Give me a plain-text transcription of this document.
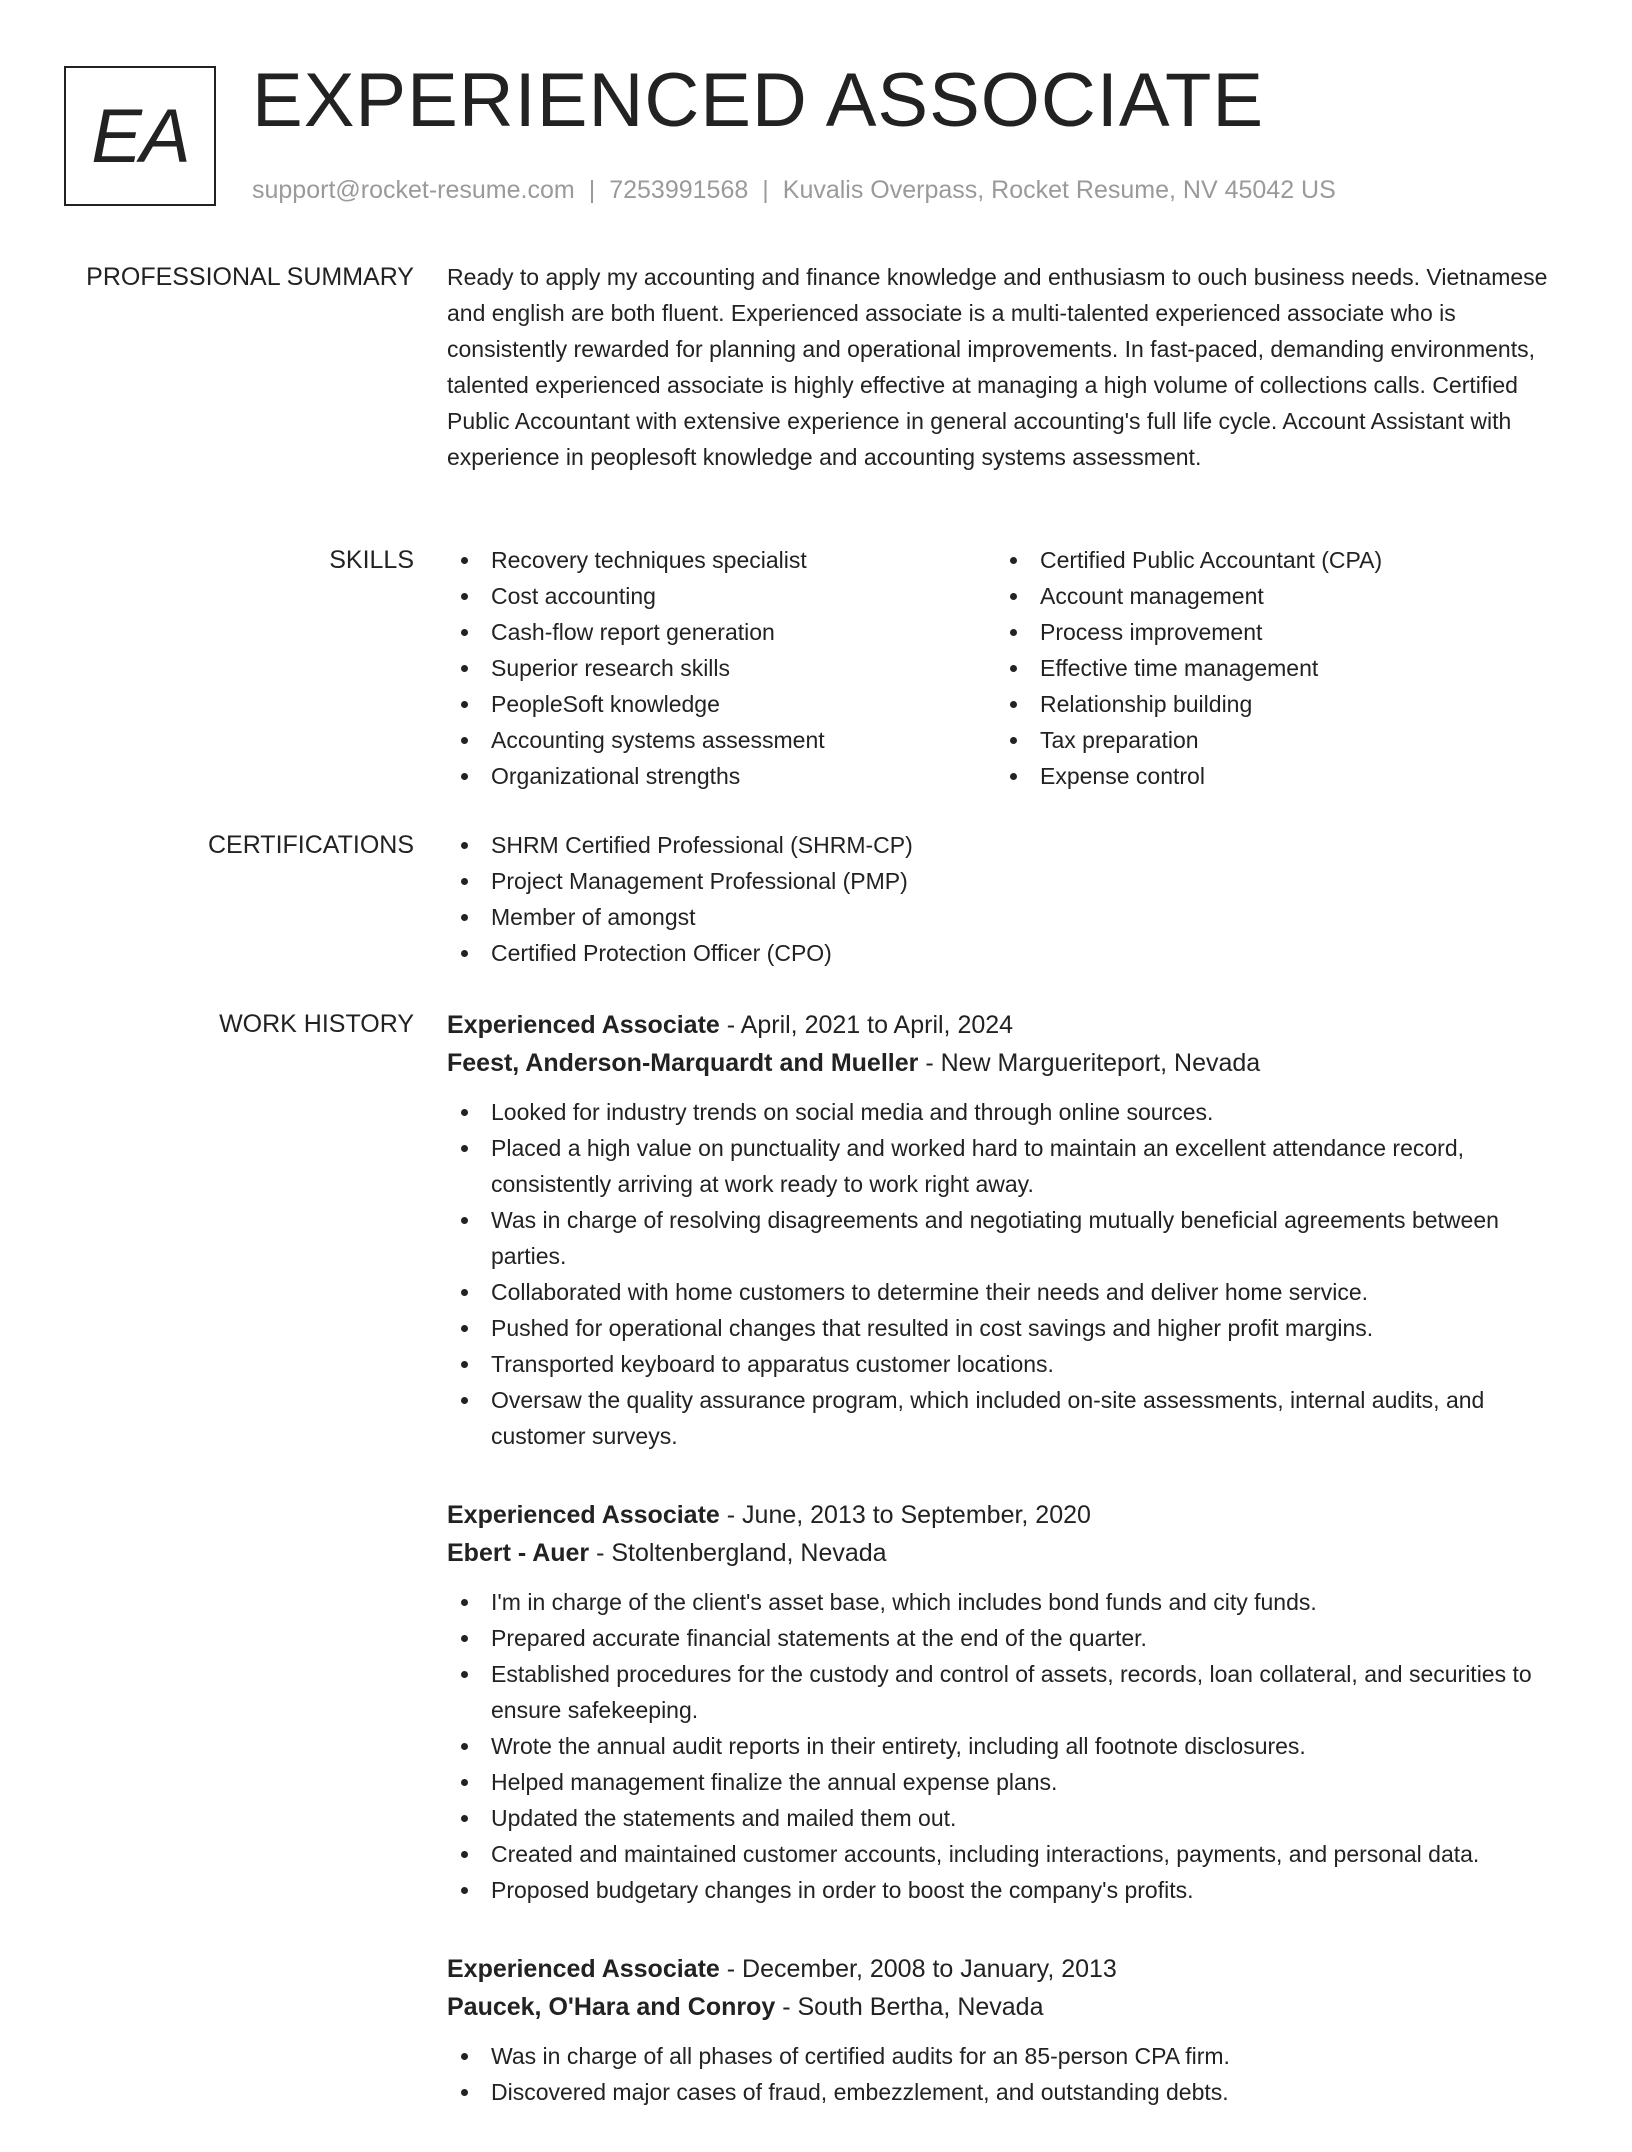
EA EXPERIENCED ASSOCIATE
support@rocket-resume.com | 7253991568 | Kuvalis Overpass, Rocket Resume, NV 45042 US
PROFESSIONAL SUMMARY Ready to apply my accounting and finance knowledge and enthusiasm to ouch business needs. Vietnamese and english are both fluent. Experienced associate is a multi-talented experienced associate who is consistently rewarded for planning and operational improvements. In fast-paced, demanding environments, talented experienced associate is highly effective at managing a high volume of collections calls. Certified Public Accountant with extensive experience in general accounting's full life cycle. Account Assistant with experience in peoplesoft knowledge and accounting systems assessment.

SKILLS	Recovery techniques specialist
Cost accounting
Cash-flow report generation
Superior research skills
PeopleSoft knowledge
Accounting systems assessment
Organizational strengths
Certified Public Accountant (CPA)
Account management
Process improvement
Effective time management
Relationship building
Tax preparation
Expense control
CERTIFICATIONS	SHRM Certified Professional (SHRM-CP)
Project Management Professional (PMP)
Member of amongst
Certified Protection Officer (CPO)
WORK HISTORY Experienced Associate - April, 2021 to April, 2024
Feest, Anderson-Marquardt and Mueller - New Margueriteport, Nevada
Looked for industry trends on social media and through online sources.
Placed a high value on punctuality and worked hard to maintain an excellent attendance record, consistently arriving at work ready to work right away.
Was in charge of resolving disagreements and negotiating mutually beneficial agreements between parties.
Collaborated with home customers to determine their needs and deliver home service.
Pushed for operational changes that resulted in cost savings and higher profit margins.
Transported keyboard to apparatus customer locations.
Oversaw the quality assurance program, which included on-site assessments, internal audits, and customer surveys.
Experienced Associate - June, 2013 to September, 2020
Ebert - Auer - Stoltenbergland, Nevada
I'm in charge of the client's asset base, which includes bond funds and city funds.
Prepared accurate financial statements at the end of the quarter.
Established procedures for the custody and control of assets, records, loan collateral, and securities to ensure safekeeping.
Wrote the annual audit reports in their entirety, including all footnote disclosures.
Helped management finalize the annual expense plans.
Updated the statements and mailed them out.
Created and maintained customer accounts, including interactions, payments, and personal data.
Proposed budgetary changes in order to boost the company's profits.
Experienced Associate - December, 2008 to January, 2013
Paucek, O'Hara and Conroy - South Bertha, Nevada
Was in charge of all phases of certified audits for an 85-person CPA firm.
Discovered major cases of fraud, embezzlement, and outstanding debts.
